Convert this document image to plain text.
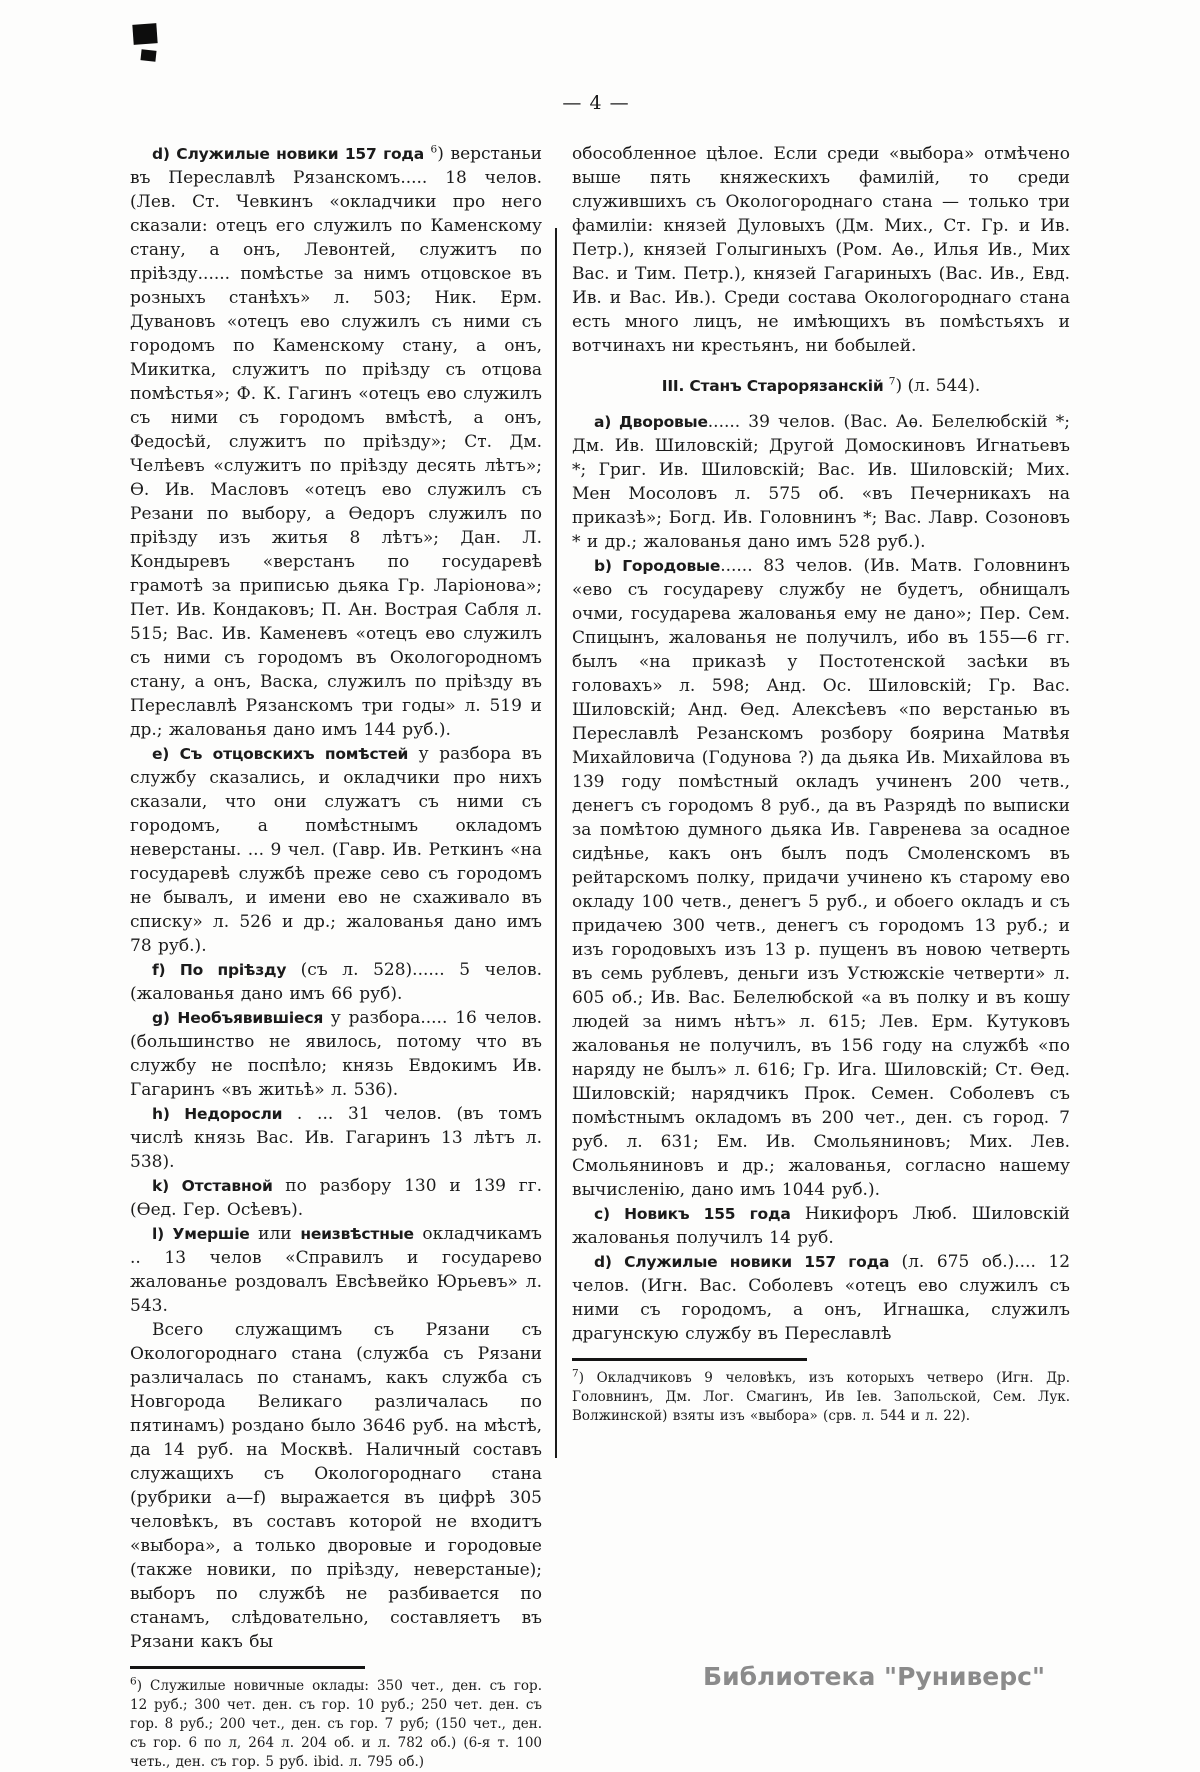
— 4 —

d) Служилые новики 157 года $^6$) верстаньи въ Переславлѣ Рязанскомъ..... 18 челов. (Лев. Ст. Чевкинъ «окладчики про него сказали: отецъ его служилъ по Каменскому стану, а онъ, Левонтей, служитъ по пріѣзду...... помѣстье за нимъ отцовское въ розныхъ станѣхъ» л. 503; Ник. Ерм. Дувановъ «отецъ ево служилъ съ ними съ городомъ по Каменскому стану, а онъ, Микитка, служитъ по пріѣзду съ отцова помѣстья»; Ф. К. Гагинъ «отецъ ево служилъ съ ними съ городомъ вмѣстѣ, а онъ, Федосѣй, служитъ по пріѣзду»; Ст. Дм. Челѣевъ «служитъ по пріѣзду десять лѣтъ»; Ѳ. Ив. Масловъ «отецъ ево служилъ съ Резани по выбору, а Ѳедоръ служилъ по пріѣзду изъ житья 8 лѣтъ»; Дан. Л. Кондыревъ «верстанъ по государевѣ грамотѣ за приписью дьяка Гр. Ларіонова»; Пет. Ив. Кондаковъ; П. Ан. Вострая Сабля л. 515; Вас. Ив. Каменевъ «отецъ ево служилъ съ ними съ городомъ въ Окологородномъ стану, а онъ, Васка, служилъ по пріѣзду въ Переславлѣ Рязанскомъ три годы» л. 519 и др.; жалованья дано имъ 144 руб.).

e) Съ отцовскихъ помѣстей у разбора въ службу сказались, и окладчики про нихъ сказали, что они служатъ съ ними съ городомъ, а помѣстнымъ окладомъ неверстаны. ... 9 чел. (Гавр. Ив. Реткинъ «на государевѣ службѣ преже сево съ городомъ не бывалъ, и имени ево не схаживало въ списку» л. 526 и др.; жалованья дано имъ 78 руб.).

f) По пріѣзду (съ л. 528)...... 5 челов. (жалованья дано имъ 66 руб).

g) Необъявившіеся у разбора..... 16 челов. (большинство не явилось, потому что въ службу не поспѣло; князь Евдокимъ Ив. Гагаринъ «въ житьѣ» л. 536).

h) Недоросли . ... 31 челов. (въ томъ числѣ князь Вас. Ив. Гагаринъ 13 лѣтъ л. 538).

k) Отставной по разбору 130 и 139 гг. (Ѳед. Гер. Осѣевъ).

l) Умершіе или неизвѣстные окладчикамъ .. 13 челов «Справилъ и государево жалованье роздовалъ Евсѣвейко Юрьевъ» л. 543.

Всего служащимъ съ Рязани съ Окологороднаго стана (служба съ Рязани различалась по станамъ, какъ служба съ Новгорода Великаго различалась по пятинамъ) роздано было 3646 руб. на мѣстѣ, да 14 руб. на Москвѣ. Наличный составъ служащихъ съ Окологороднаго стана (рубрики a—f) выражается въ цифрѣ 305 человѣкъ, въ составъ которой не входитъ «выбора», а только дворовые и городовые (также новики, по пріѣзду, неверстаные); выборъ по службѣ не разбивается по станамъ, слѣдовательно, составляетъ въ Рязани какъ бы

$^6$) Служилые новичные оклады: 350 чет., ден. съ гор. 12 руб.; 300 чет. ден. съ гор. 10 руб.; 250 чет. ден. съ гор. 8 руб.; 200 чет., ден. съ гор. 7 руб; (150 чет., ден. съ гор. 6 по л, 264 л. 204 об. и л. 782 об.) (6-я т. 100 четь., ден. съ гор. 5 руб. ibid. л. 795 об.)

обособленное цѣлое. Если среди «выбора» отмѣчено выше пять княжескихъ фамилій, то среди служившихъ съ Окологороднаго стана — только три фамиліи: князей Дуловыхъ (Дм. Мих., Ст. Гр. и Ив. Петр.), князей Голыгиныхъ (Ром. Аѳ., Илья Ив., Мих Вас. и Тим. Петр.), князей Гагариныхъ (Вас. Ив., Евд. Ив. и Вас. Ив.). Среди состава Окологороднаго стана есть много лицъ, не имѣющихъ въ помѣстьяхъ и вотчинахъ ни крестьянъ, ни бобылей.

III. Станъ Старорязанскій $^7$) (л. 544).

a) Дворовые...... 39 челов. (Вас. Аѳ. Белелюбскій *; Дм. Ив. Шиловскій; Другой Домоскиновъ Игнатьевъ *; Григ. Ив. Шиловскій; Вас. Ив. Шиловскій; Мих. Мен Мосоловъ л. 575 об. «въ Печерникахъ на приказѣ»; Богд. Ив. Головнинъ *; Вас. Лавр. Созоновъ * и др.; жалованья дано имъ 528 руб.).

b) Городовые...... 83 челов. (Ив. Матв. Головнинъ «ево съ государеву службу не будетъ, обнищалъ очми, государева жалованья ему не дано»; Пер. Сем. Спицынъ, жалованья не получилъ, ибо въ 155—6 гг. былъ «на приказѣ у Постотенской засѣки въ головахъ» л. 598; Анд. Ос. Шиловскій; Гр. Вас. Шиловскій; Анд. Ѳед. Алексѣевъ «по верстанью въ Переславлѣ Резанскомъ розбору боярина Матвѣя Михайловича (Годунова ?) да дьяка Ив. Михайлова въ 139 году помѣстный окладъ учиненъ 200 четв., денегъ съ городомъ 8 руб., да въ Разрядѣ по выписки за помѣтою думного дьяка Ив. Гавренева за осадное сидѣнье, какъ онъ былъ подъ Смоленскомъ въ рейтарскомъ полку, придачи учинено къ старому ево окладу 100 четв., денегъ 5 руб., и обоего окладъ и съ придачею 300 четв., денегъ съ городомъ 13 руб.; и изъ городовыхъ изъ 13 р. пущенъ въ новою четверть въ семь рублевъ, деньги изъ Устюжскіе четверти» л. 605 об.; Ив. Вас. Белелюбской «а въ полку и въ кошу людей за нимъ нѣтъ» л. 615; Лев. Ерм. Кутуковъ жалованья не получилъ, въ 156 году на службѣ «по наряду не былъ» л. 616; Гр. Ига. Шиловскій; Ст. Ѳед. Шиловскій; нарядчикъ Прок. Семен. Соболевъ съ помѣстнымъ окладомъ въ 200 чет., ден. съ город. 7 руб. л. 631; Ем. Ив. Смольяниновъ; Мих. Лев. Смольяниновъ и др.; жалованья, согласно нашему вычисленію, дано имъ 1044 руб.).

c) Новикъ 155 года Никифоръ Люб. Шиловскій жалованья получилъ 14 руб.

d) Служилые новики 157 года (л. 675 об.).... 12 челов. (Игн. Вас. Соболевъ «отецъ ево служилъ съ ними съ городомъ, а онъ, Игнашка, служилъ драгунскую службу въ Переславлѣ

$^7$) Окладчиковъ 9 человѣкъ, изъ которыхъ четверо (Игн. Др. Головнинъ, Дм. Лог. Смагинъ, Ив Іев. Запольской, Сем. Лук. Волжинской) взяты изъ «выбора» (срв. л. 544 и л. 22).

Библиотека "Руниверс"
